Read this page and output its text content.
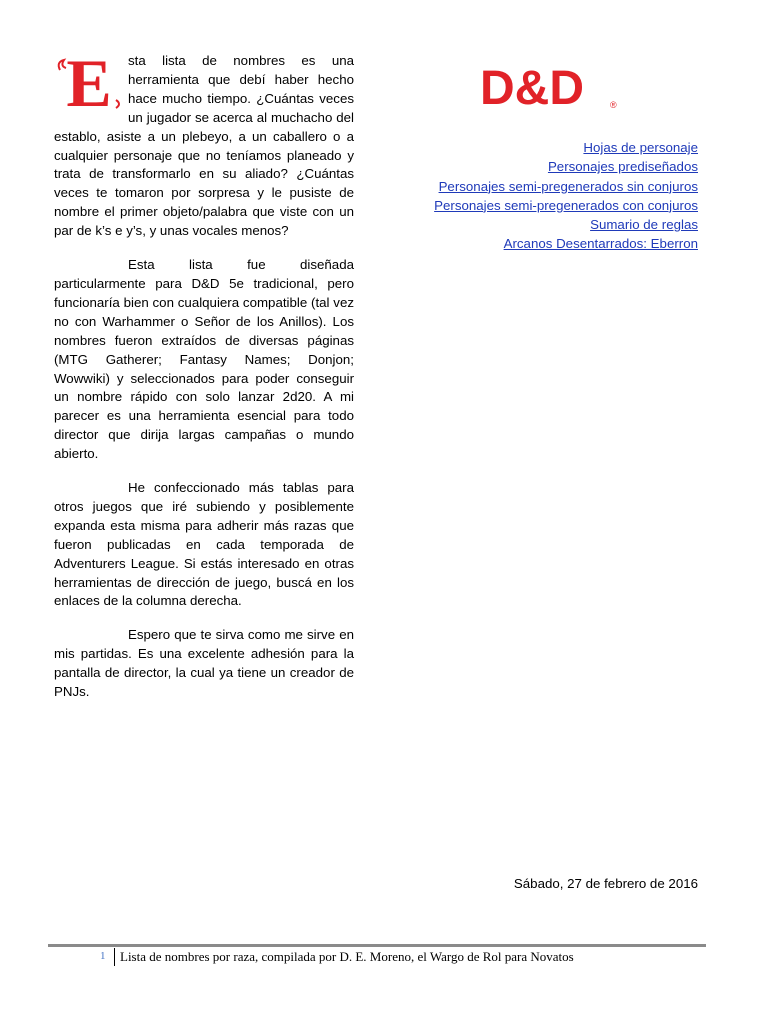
E sta lista de nombres es una herramienta que debí haber hecho hace mucho tiempo. ¿Cuántas veces un jugador se acerca al muchacho del establo, asiste a un plebeyo, a un caballero o a cualquier personaje que no teníamos planeado y trata de transformarlo en su aliado? ¿Cuántas veces te tomaron por sorpresa y le pusiste de nombre el primer objeto/palabra que viste con un par de k’s e y’s, y unas vocales menos?

Esta lista fue diseñada particularmente para D&D 5e tradicional, pero funcionaría bien con cualquiera compatible (tal vez no con Warhammer o Señor de los Anillos). Los nombres fueron extraídos de diversas páginas (MTG Gatherer; Fantasy Names; Donjon; Wowwiki) y seleccionados para poder conseguir un nombre rápido con solo lanzar 2d20. A mi parecer es una herramienta esencial para todo director que dirija largas campañas o mundo abierto.

He confeccionado más tablas para otros juegos que iré subiendo y posiblemente expanda esta misma para adherir más razas que fueron publicadas en cada temporada de Adventurers League. Si estás interesado en otras herramientas de dirección de juego, buscá en los enlaces de la columna derecha.

Espero que te sirva como me sirve en mis partidas. Es una excelente adhesión para la pantalla de director, la cual ya tiene un creador de PNJs.

D&D	®
Hojas de personaje
Personajes prediseñados
Personajes semi-pregenerados sin conjuros
Personajes semi-pregenerados con conjuros
Sumario de reglas
Arcanos Desentarrados: Eberron
Sábado, 27 de febrero de 2016
1 Lista de nombres por raza, compilada por D. E. Moreno, el Wargo de Rol para Novatos
